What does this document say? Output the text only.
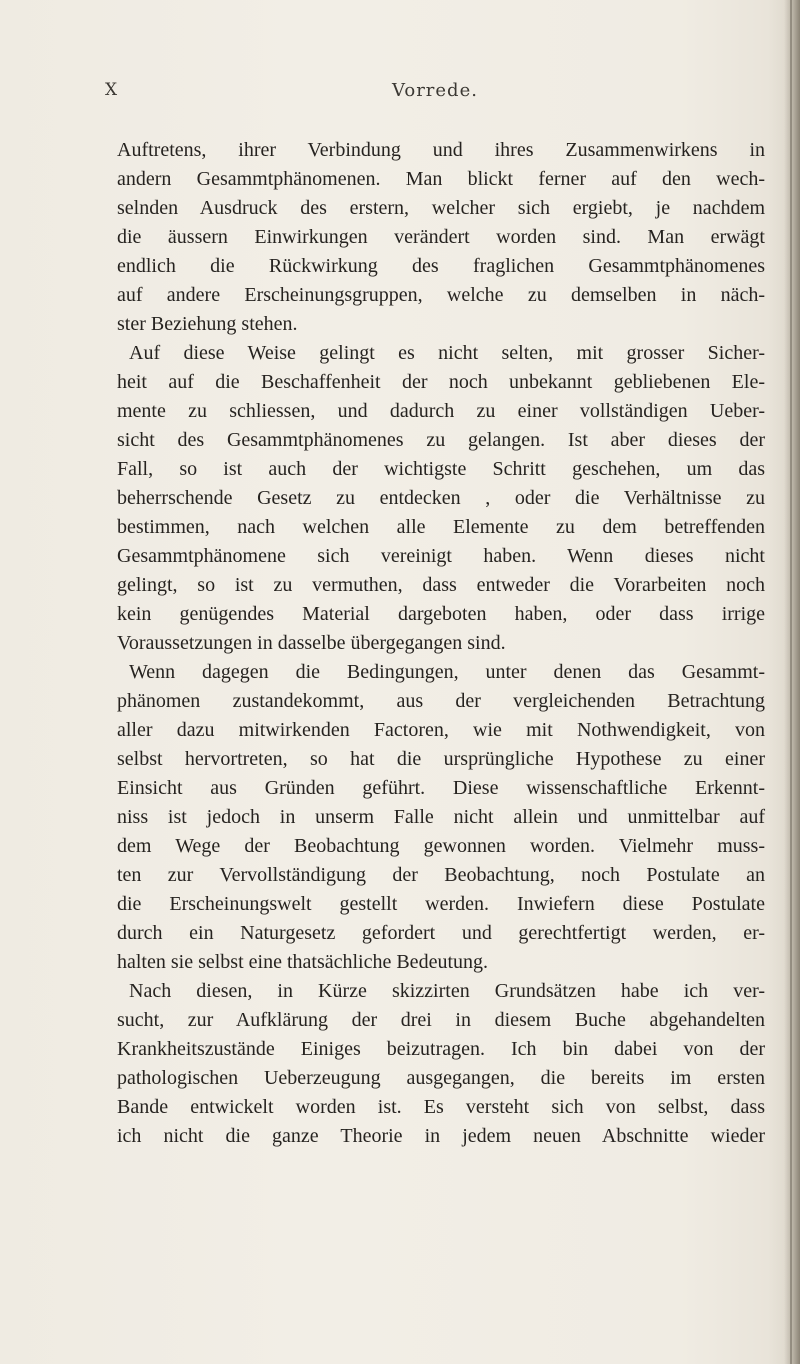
X	Vorrede.
Auftretens, ihrer Verbindung und ihres Zusammenwirkens in
andern Gesammtphänomenen. Man blickt ferner auf den wech-
selnden Ausdruck des erstern, welcher sich ergiebt, je nachdem
die äussern Einwirkungen verändert worden sind. Man erwägt
endlich die Rückwirkung des fraglichen Gesammtphänomenes
auf andere Erscheinungsgruppen, welche zu demselben in näch-
ster Beziehung stehen.
Auf diese Weise gelingt es nicht selten, mit grosser Sicher-
heit auf die Beschaffenheit der noch unbekannt gebliebenen Ele-
mente zu schliessen, und dadurch zu einer vollständigen Ueber-
sicht des Gesammtphänomenes zu gelangen. Ist aber dieses der
Fall, so ist auch der wichtigste Schritt geschehen, um das
beherrschende Gesetz zu entdecken , oder die Verhältnisse zu
bestimmen, nach welchen alle Elemente zu dem betreffenden
Gesammtphänomene sich vereinigt haben. Wenn dieses nicht
gelingt, so ist zu vermuthen, dass entweder die Vorarbeiten noch
kein genügendes Material dargeboten haben, oder dass irrige
Voraussetzungen in dasselbe übergegangen sind.
Wenn dagegen die Bedingungen, unter denen das Gesammt-
phänomen zustandekommt, aus der vergleichenden Betrachtung
aller dazu mitwirkenden Factoren, wie mit Nothwendigkeit, von
selbst hervortreten, so hat die ursprüngliche Hypothese zu einer
Einsicht aus Gründen geführt. Diese wissenschaftliche Erkennt-
niss ist jedoch in unserm Falle nicht allein und unmittelbar auf
dem Wege der Beobachtung gewonnen worden. Vielmehr muss-
ten zur Vervollständigung der Beobachtung, noch Postulate an
die Erscheinungswelt gestellt werden. Inwiefern diese Postulate
durch ein Naturgesetz gefordert und gerechtfertigt werden, er-
halten sie selbst eine thatsächliche Bedeutung.
Nach diesen, in Kürze skizzirten Grundsätzen habe ich ver-
sucht, zur Aufklärung der drei in diesem Buche abgehandelten
Krankheitszustände Einiges beizutragen. Ich bin dabei von der
pathologischen Ueberzeugung ausgegangen, die bereits im ersten
Bande entwickelt worden ist. Es versteht sich von selbst, dass
ich nicht die ganze Theorie in jedem neuen Abschnitte wieder
